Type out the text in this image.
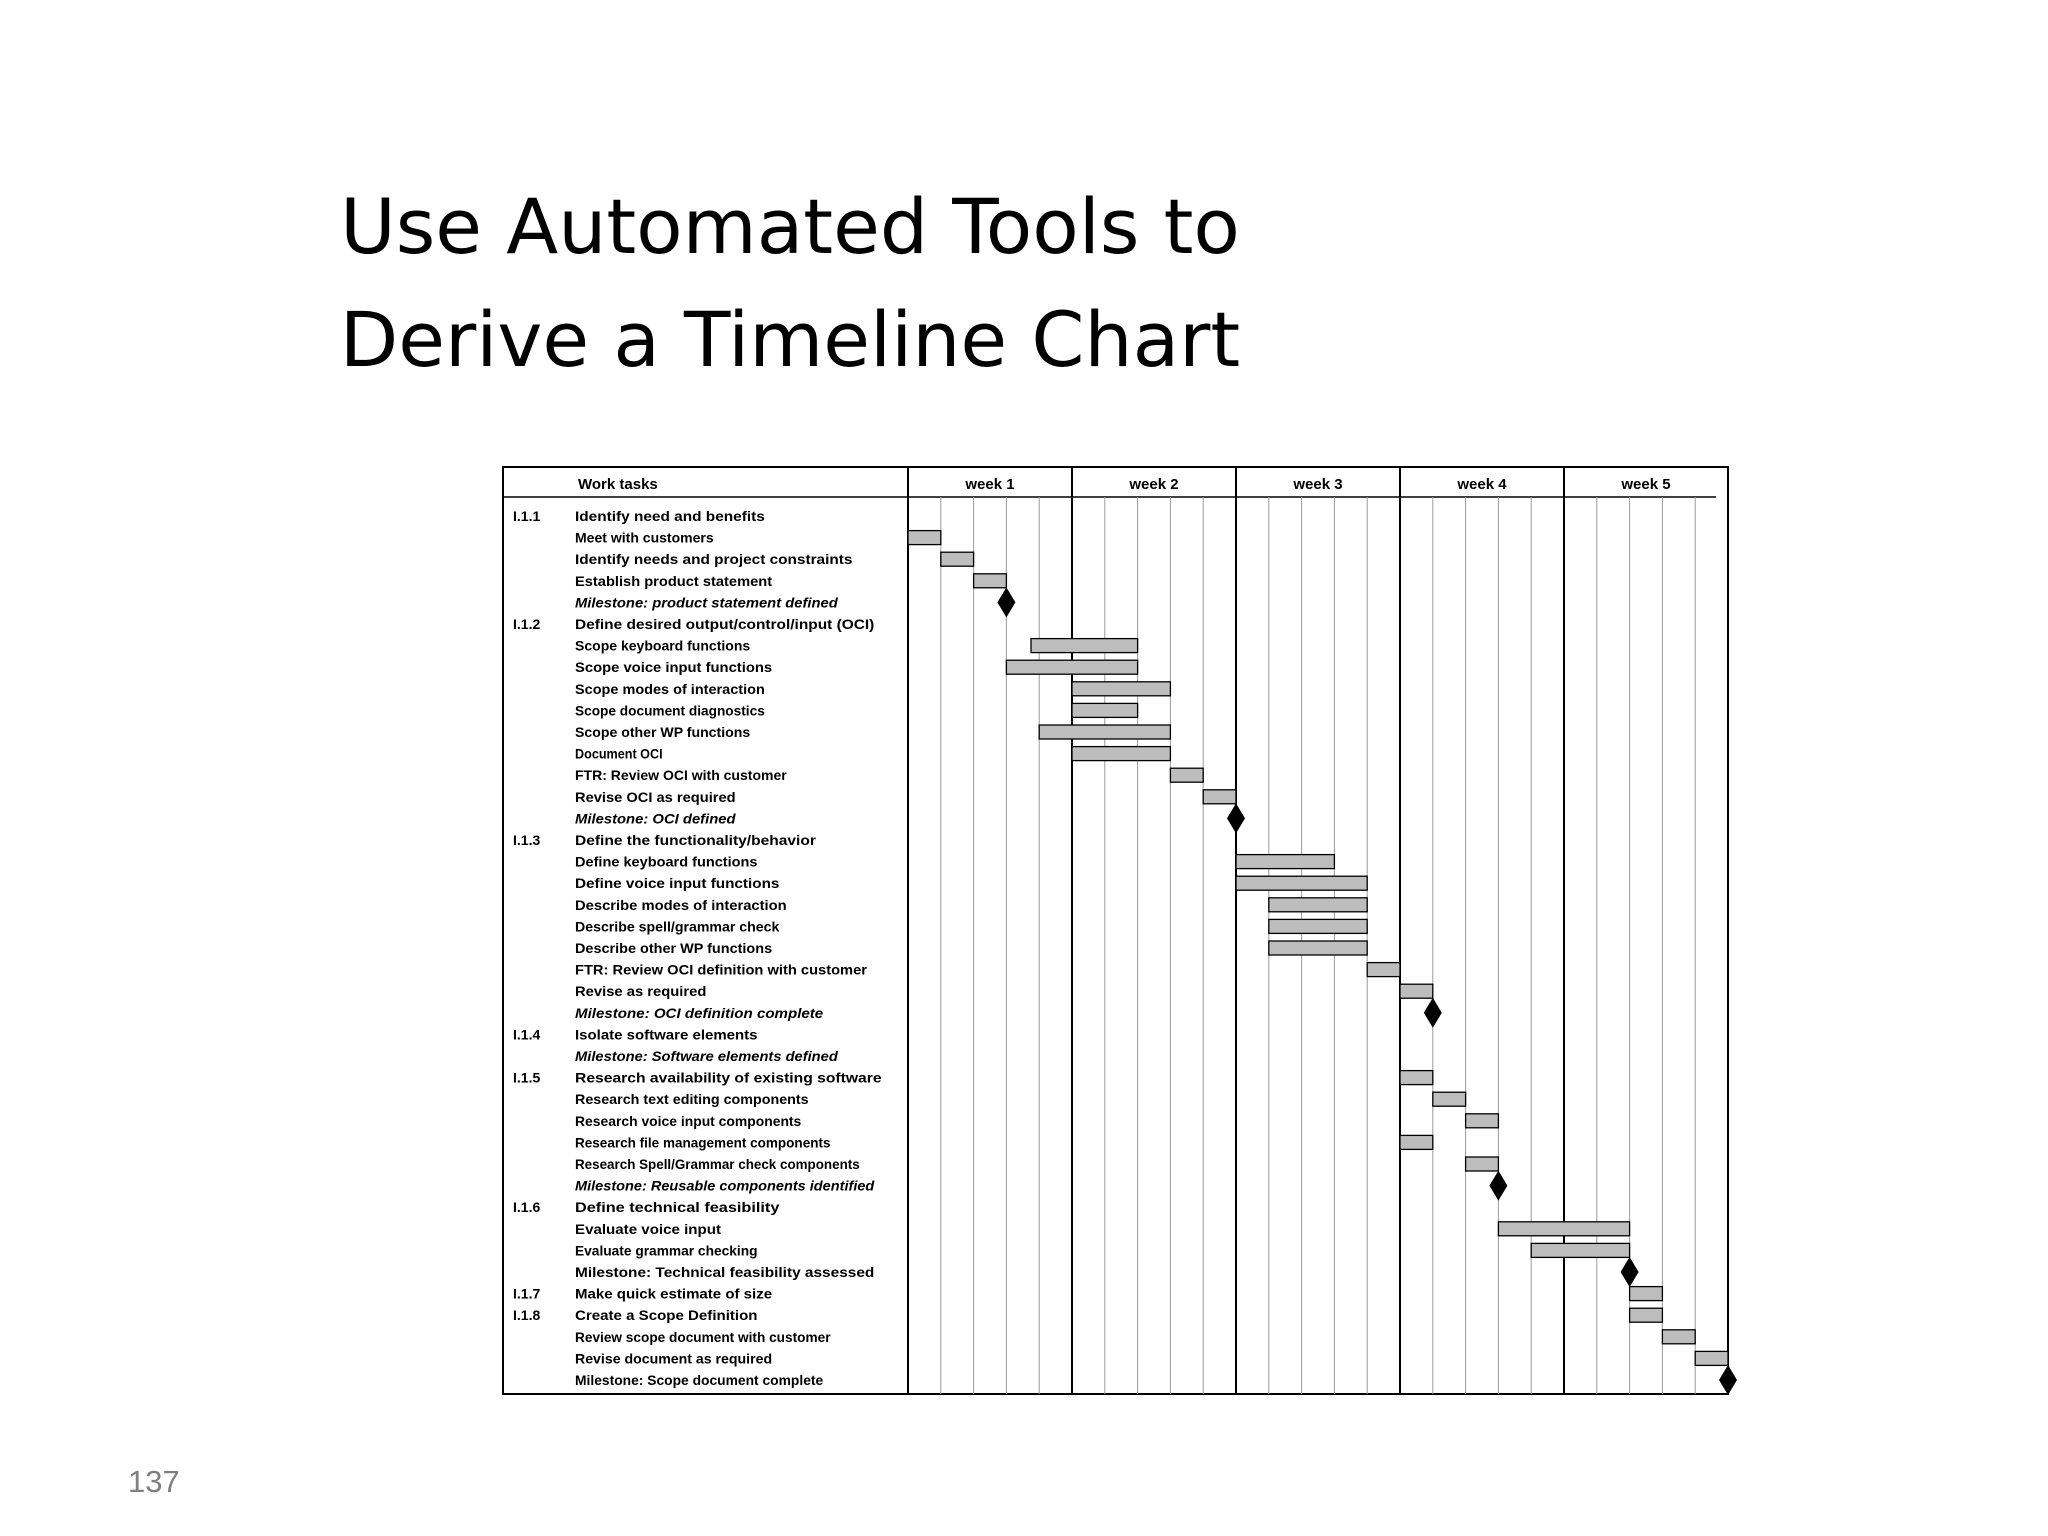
Use Automated Tools to
Derive a Timeline Chart
Work tasks	week 1	week 2	week 3	week 4	week 5
I.1.1 Identify need and benefits
Meet with customers
Identify needs and project constraints
Establish product statement
Milestone: product statement defined
I.1.2 Define desired output/control/input (OCI)
Scope keyboard functions
Scope voice input functions
Scope modes of interaction
Scope document diagnostics
Scope other WP functions
Document OCI
FTR: Review OCI with customer
Revise OCI as required
Milestone: OCI defined
I.1.3 Define the functionality/behavior
Define keyboard functions
Define voice input functions
Describe modes of interaction
Describe spell/grammar check
Describe other WP functions
FTR: Review OCI definition with customer
Revise as required
Milestone: OCI definition complete
I.1.4 Isolate software elements
Milestone: Software elements defined
I.1.5 Research availability of existing software
Research text editing components
Research voice input components
Research file management components
Research Spell/Grammar check components
Milestone: Reusable components identified
I.1.6 Define technical feasibility
Evaluate voice input
Evaluate grammar checking
Milestone: Technical feasibility assessed
I.1.7 Make quick estimate of size
I.1.8 Create a Scope Definition
Review scope document with customer
Revise document as required
Milestone: Scope document complete
137
